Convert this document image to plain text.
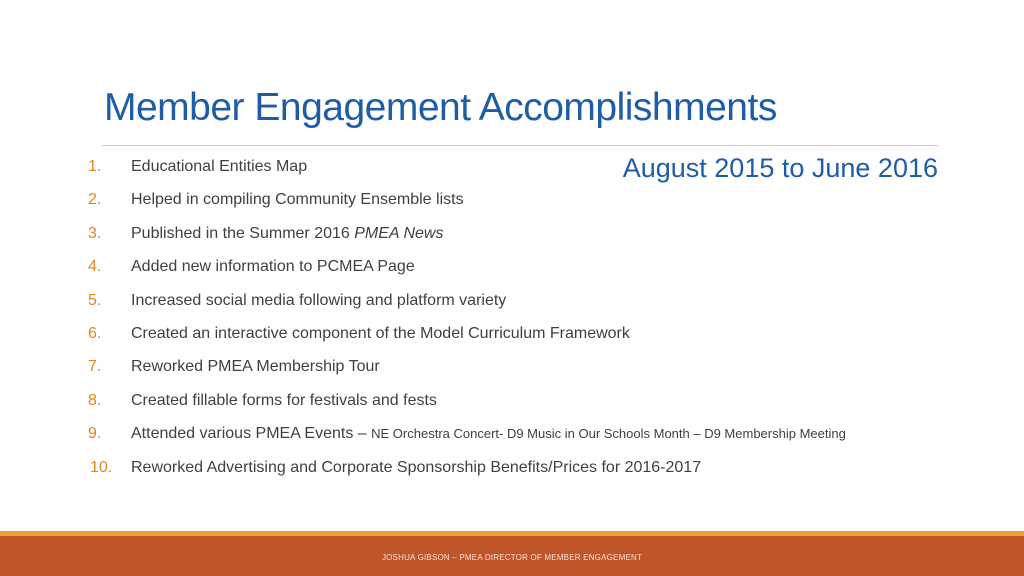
Member Engagement Accomplishments
August 2015 to June 2016
1.	Educational Entities Map
2.	Helped in compiling Community Ensemble lists
3.	Published in the Summer 2016 PMEA News
4.	Added new information to PCMEA Page
5.	Increased social media following and platform variety
6.	Created an interactive component of the Model Curriculum Framework
7.	Reworked PMEA Membership Tour
8.	Created fillable forms for festivals and fests
9.	Attended various PMEA Events – NE Orchestra Concert- D9 Music in Our Schools Month – D9 Membership Meeting
10. Reworked Advertising and Corporate Sponsorship Benefits/Prices for 2016-2017
JOSHUA GIBSON – PMEA DIRECTOR OF MEMBER ENGAGEMENT
